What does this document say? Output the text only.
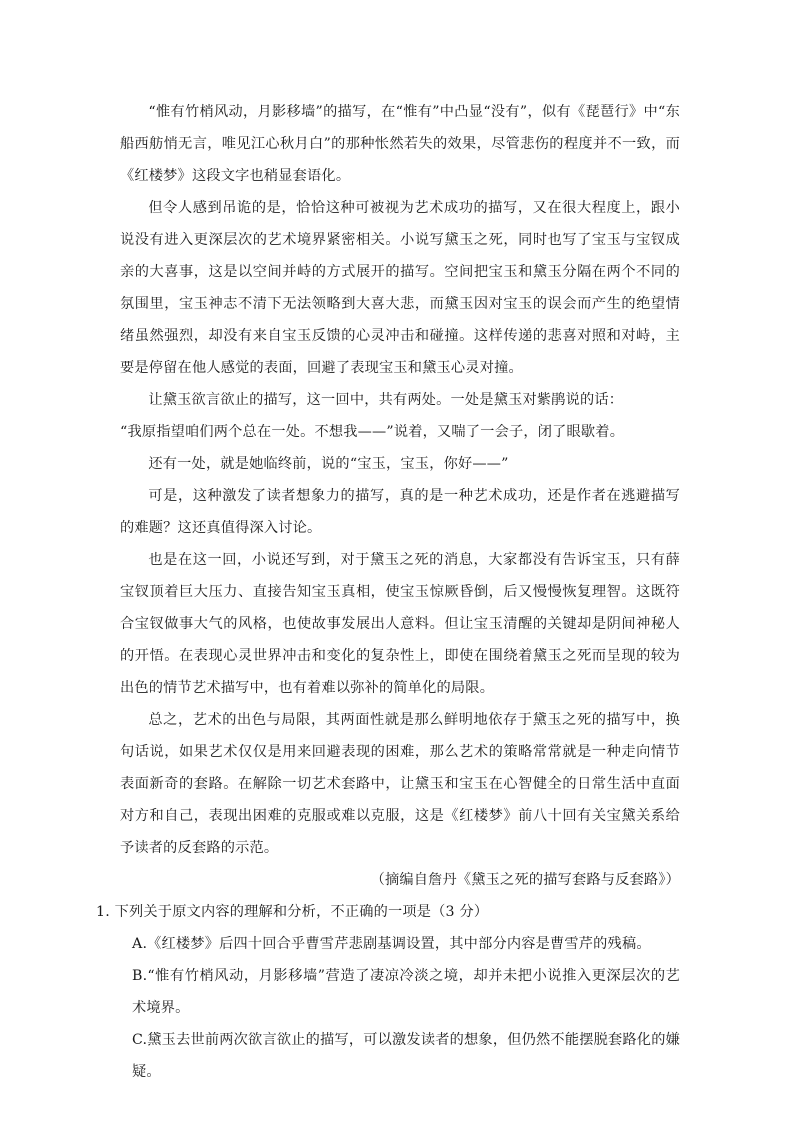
“惟有竹梢风动，月影移墙”的描写，在“惟有”中凸显“没有”，似有《琵琶行》中“东船西舫悄无言，唯见江心秋月白”的那种怅然若失的效果，尽管悲伤的程度并不一致，而《红楼梦》这段文字也稍显套语化。

但令人感到吊诡的是，恰恰这种可被视为艺术成功的描写，又在很大程度上，跟小说没有进入更深层次的艺术境界紧密相关。小说写黛玉之死，同时也写了宝玉与宝钗成亲的大喜事，这是以空间并峙的方式展开的描写。空间把宝玉和黛玉分隔在两个不同的氛围里，宝玉神志不清下无法领略到大喜大悲，而黛玉因对宝玉的误会而产生的绝望情绪虽然强烈，却没有来自宝玉反馈的心灵冲击和碰撞。这样传递的悲喜对照和对峙，主要是停留在他人感觉的表面，回避了表现宝玉和黛玉心灵对撞。

让黛玉欲言欲止的描写，这一回中，共有两处。一处是黛玉对紫鹃说的话：

“我原指望咱们两个总在一处。不想我——”说着，又喘了一会子，闭了眼歇着。

还有一处，就是她临终前，说的“宝玉，宝玉，你好——”

可是，这种激发了读者想象力的描写，真的是一种艺术成功，还是作者在逃避描写的难题？这还真值得深入讨论。

也是在这一回，小说还写到，对于黛玉之死的消息，大家都没有告诉宝玉，只有薛宝钗顶着巨大压力、直接告知宝玉真相，使宝玉惊厥昏倒，后又慢慢恢复理智。这既符合宝钗做事大气的风格，也使故事发展出人意料。但让宝玉清醒的关键却是阴间神秘人的开悟。在表现心灵世界冲击和变化的复杂性上，即使在围绕着黛玉之死而呈现的较为出色的情节艺术描写中，也有着难以弥补的简单化的局限。

总之，艺术的出色与局限，其两面性就是那么鲜明地依存于黛玉之死的描写中，换句话说，如果艺术仅仅是用来回避表现的困难，那么艺术的策略常常就是一种走向情节表面新奇的套路。在解除一切艺术套路中，让黛玉和宝玉在心智健全的日常生活中直面对方和自己，表现出困难的克服或难以克服，这是《红楼梦》前八十回有关宝黛关系给予读者的反套路的示范。

（摘编自詹丹《黛玉之死的描写套路与反套路》）
1. 下列关于原文内容的理解和分析，不正确的一项是（3 分）
A.《红楼梦》后四十回合乎曹雪芹悲剧基调设置，其中部分内容是曹雪芹的残稿。
B.“惟有竹梢风动，月影移墙”营造了凄凉冷淡之境，却并未把小说推入更深层次的艺术境界。
C.黛玉去世前两次欲言欲止的描写，可以激发读者的想象，但仍然不能摆脱套路化的嫌疑。
